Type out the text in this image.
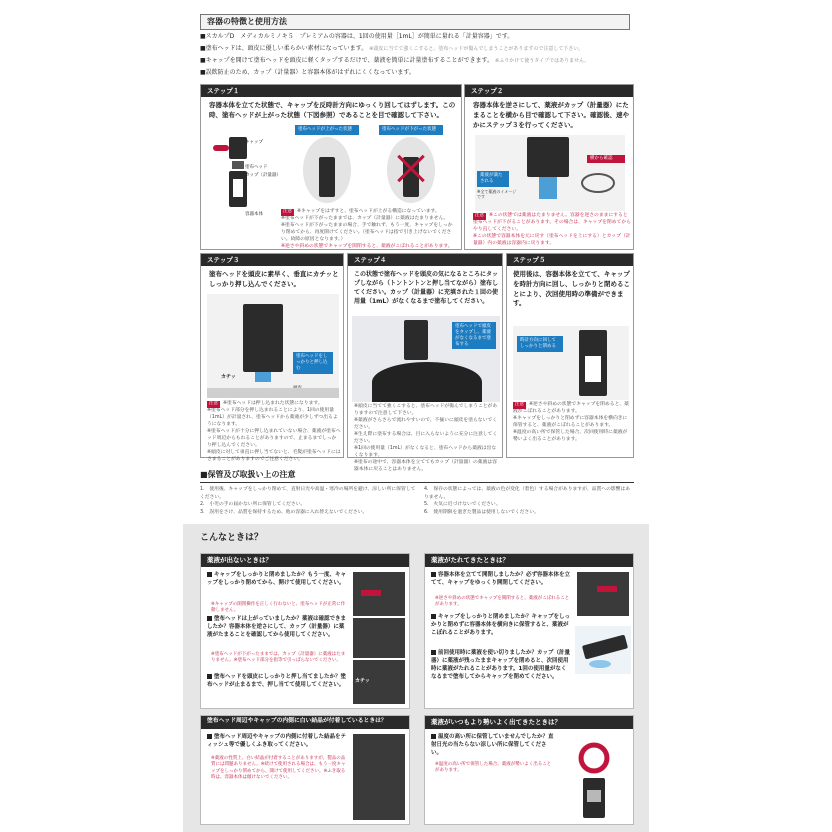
容器の特徴と使用方法
■スカルプD　メディカルミノキ５　プレミアムの容器は、1回の使用量［1mL］が簡単に量れる「計量容器」です。
■塗布ヘッドは、頭皮に優しい柔らかい素材になっています。 ※頭皮に当てて強くこすると、塗布ヘッドが傷んでしまうことがありますので注意して下さい。
■キャップを開けて塗布ヘッドを頭皮に軽くタップするだけで、薬液を簡単に計量塗布することができます。 ※ふりかけて使うタイプではありません。
■誤飲防止のため、カップ（計量器）と容器本体がはずれにくくなっています。
ステップ１
容器本体を立てた状態で、キャップを反時計方向にゆっくり回してはずします。この時、塗布ヘッドが上がった状態（下図参照）であることを目で確認して下さい。
キャップ
塗布ヘッド
カップ（計量器）
容器本体
塗布ヘッドが上がった状態	塗布ヘッドが下がった状態
注意 ※キャップをはずすと、塗布ヘッドが上がる構造になっています。
※塗布ヘッドが下がったままでは、カップ（計量器）に薬液はたまりません。
※塗布ヘッドが下がったままの場合、手で触れず、もう一度、キャップをしっかり閉めてから、再度開けてください。（塗布ヘッドは指で引き上げないでください。故障の原因となります。）
※逆さや斜めの状態でキャップを開閉すると、薬液がこぼれることがあります。
ステップ２
容器本体を逆さにして、薬液がカップ（計量器）にたまることを横から目で確認して下さい。確認後、速やかにステップ３を行ってください。
薬液が満たされる
※全て薬液のイメージです
横から確認
注意 ※この状態では薬液はたまりません。容器を逆さのままにすると塗布ヘッドが下がることがあります。その場合は、キャップを閉めてからやり直してください。
※この状態で容器本体を元に戻す（塗布ヘッドを上にする）とカップ（計量器）内の薬液は容器内に戻ります。
ステップ３
塗布ヘッドを頭皮に素早く、垂直にカチッとしっかり押し込んでください。
塗布ヘッドをしっかりと押し込む
カチッ
注意 ※塗布ヘッドは押し込まれた状態になります。
※塗布ヘッド部分を押し込まれることにより、1回の使用量（1mL）が計量され、塗布ヘッドから薬液が少しずつ出るようになります。
※塗布ヘッドが十分に押し込まれていない場合、薬液が塗布ヘッド周辺からもれることがありますので、止まるまでしっかり押し込んでください。
※頭皮に対して垂直に押し当てないと、毛髪が塗布ヘッドにはさまることがありますのでご注意ください。
ステップ４
この状態で塗布ヘッドを頭皮の気になるところにタップしながら（トントントンと押し当てながら）塗布してください。カップ（計量器）に充填された１回の使用量（1mL）がなくなるまで塗布してください。
塗布ヘッドで頭皮をタップし、薬液がなくなるまで塗布する
※頭皮に当てて強くこすると、塗布ヘッドが傷んでしまうことがありますので注意して下さい。
※薬液がさらさらで流れやすいので、不揃いに頭皮を塗らないでください。
※生え際に塗布する場合は、目に入らないように充分に注意してください。
※1回の使用量（1mL）がなくなると、塗布ヘッドから薬液は出なくなります。
※塗布の途中で、容器本体を立ててもカップ（計量器）の薬液は容器本体に戻ることはありません。
ステップ５
使用後は、容器本体を立てて、キャップを時計方向に回し、しっかりと閉めることにより、次回使用時の準備ができます。
時計方向に回してしっかりと閉める
注意 ※逆さや斜めの状態でキャップを閉めると、薬液がこぼれることがあります。
※キャップをしっかりと閉めずに容器本体を横向きに保管すると、薬液がこぼれることがあります。
※温度の高い所で保管した場合、次回使用時に薬液が勢いよく出ることがあります。
■保管及び取扱い上の注意
1.　使用後、キャップをしっかり閉めて、直射日光や高温・寒冷の場所を避け、涼しい所に保管してください。
2.　小児の手の届かない所に保管してください。
3.　誤用をさけ、品質を保持するため、他の容器に入れ替えないでください。
4.　保存の状態によっては、薬液の色が変化（着色）する場合がありますが、品質への影響はありません。
5.　火気に近づけないでください。
6.　使用期限を過ぎた製品は使用しないでください。
こんなときは？
薬液が出ないときは？
キャップをしっかりと閉めましたか？もう一度、キャップをしっかり閉めてから、開けて使用してください。
※キャップの開閉操作を正しく行わないと、塗布ヘッドが正常に作動しません。
塗布ヘッドは上がっていましたか？薬液は確認できましたか？容器本体を逆さにして、カップ（計量器）に薬液がたまることを確認してから使用してください。
※塗布ヘッドが下がったままでは、カップ（計量器）に薬液はたまりません。※塗布ヘッド部分を指等で引っぱらないでください。
塗布ヘッドを頭皮にしっかりと押し当てましたか？塗布ヘッドが止まるまで、押し当てて使用してください。
カチッ
薬液がたれてきたときは？
容器本体を立てて開閉しましたか？必ず容器本体を立てて、キャップをゆっくり開閉してください。
※逆さや斜めの状態でキャップを開閉すると、薬液がこぼれることがあります。
キャップをしっかりと閉めましたか？キャップをしっかりと閉めずに容器本体を横向きに保管すると、薬液がこぼれることがあります。
前回使用時に薬液を使い切りましたか？カップ（計量器）に薬液が残ったままキャップを閉めると、次回使用時に薬液がたれることがあります。1回の使用量がなくなるまで塗布してからキャップを閉めてください。
塗布ヘッド周辺やキャップの内側に白い結晶が付着しているときは？
塗布ヘッド周辺やキャップの内側に付着した結晶をティッシュ等で優しくふき取ってください。
※薬液の性質上、白い結晶が付着することがありますが、製品の品質には問題ありません。※続けて使用される場合は、もう一度キャップをしっかり閉めてから、開けて使用してください。※ふき取る時は、容器本体は傾けないでください。
薬液がいつもより勢いよく出てきたときは？
温度の高い所に保管していませんでしたか？直射日光の当たらない涼しい所に保管してください。
※温度の高い所で保管した場合、薬液が勢いよく出ることがあります。
